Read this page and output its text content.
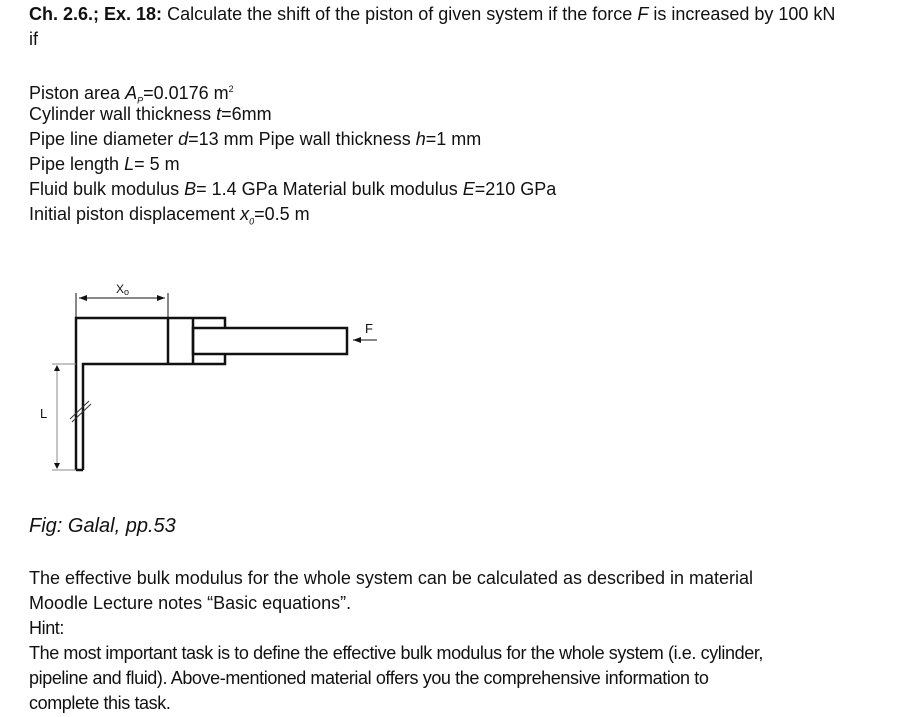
Ch. 2.6.; Ex. 18: Calculate the shift of the piston of given system if the force F is increased by 100 kN
if
Piston area $A_P=0.0176$ $m^2$
Cylinder wall thickness t=6mm
Pipe line diameter d=13 mm Pipe wall thickness h=1 mm
Pipe length L= 5 m
Fluid bulk modulus B= 1.4 GPa Material bulk modulus E=210 GPa
Initial piston displacement $x_0=0.5$ m
Xo
F
L
Fig: Galal, pp.53
The effective bulk modulus for the whole system can be calculated as described in material
Moodle Lecture notes “Basic equations”.
Hint:
The most important task is to define the effective bulk modulus for the whole system (i.e. cylinder,
pipeline and fluid). Above-mentioned material offers you the comprehensive information to
complete this task.
